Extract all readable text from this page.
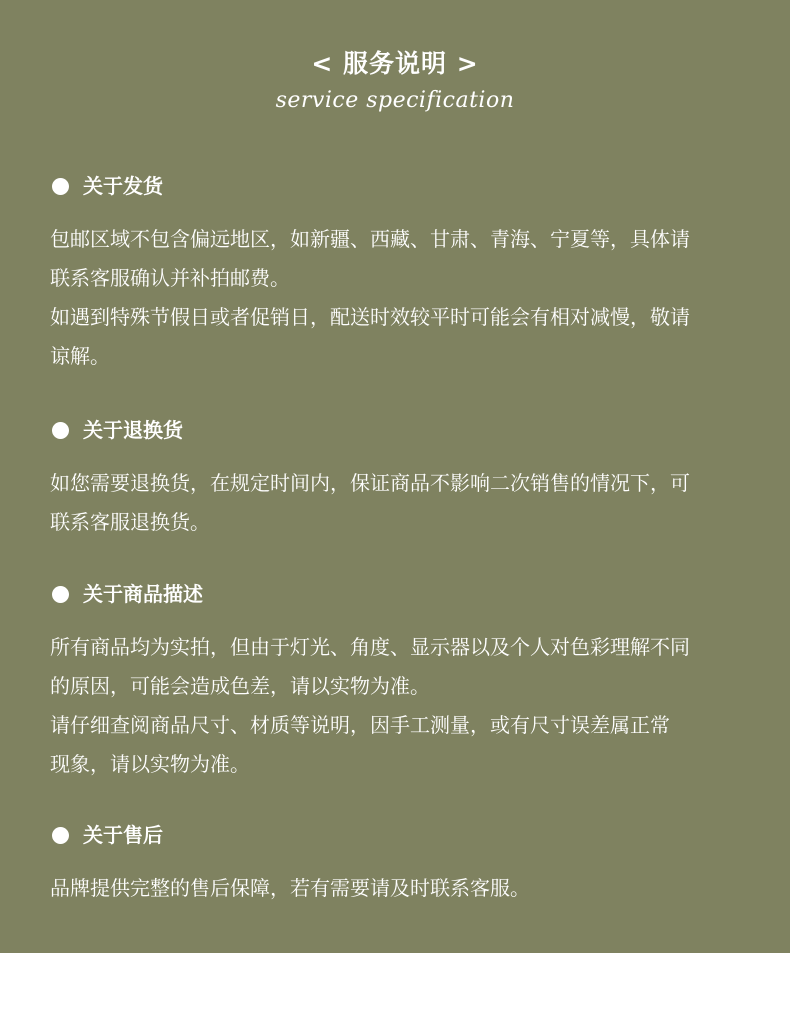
< 服务说明 >
service specification
关于发货

包邮区域不包含偏远地区，如新疆、西藏、甘肃、青海、宁夏等，具体请

联系客服确认并补拍邮费。

如遇到特殊节假日或者促销日，配送时效较平时可能会有相对减慢，敬请

谅解。

关于退换货

如您需要退换货，在规定时间内，保证商品不影响二次销售的情况下，可

联系客服退换货。

关于商品描述

所有商品均为实拍，但由于灯光、角度、显示器以及个人对色彩理解不同

的原因，可能会造成色差，请以实物为准。

请仔细查阅商品尺寸、材质等说明，因手工测量，或有尺寸误差属正常

现象，请以实物为准。

关于售后

品牌提供完整的售后保障，若有需要请及时联系客服。
